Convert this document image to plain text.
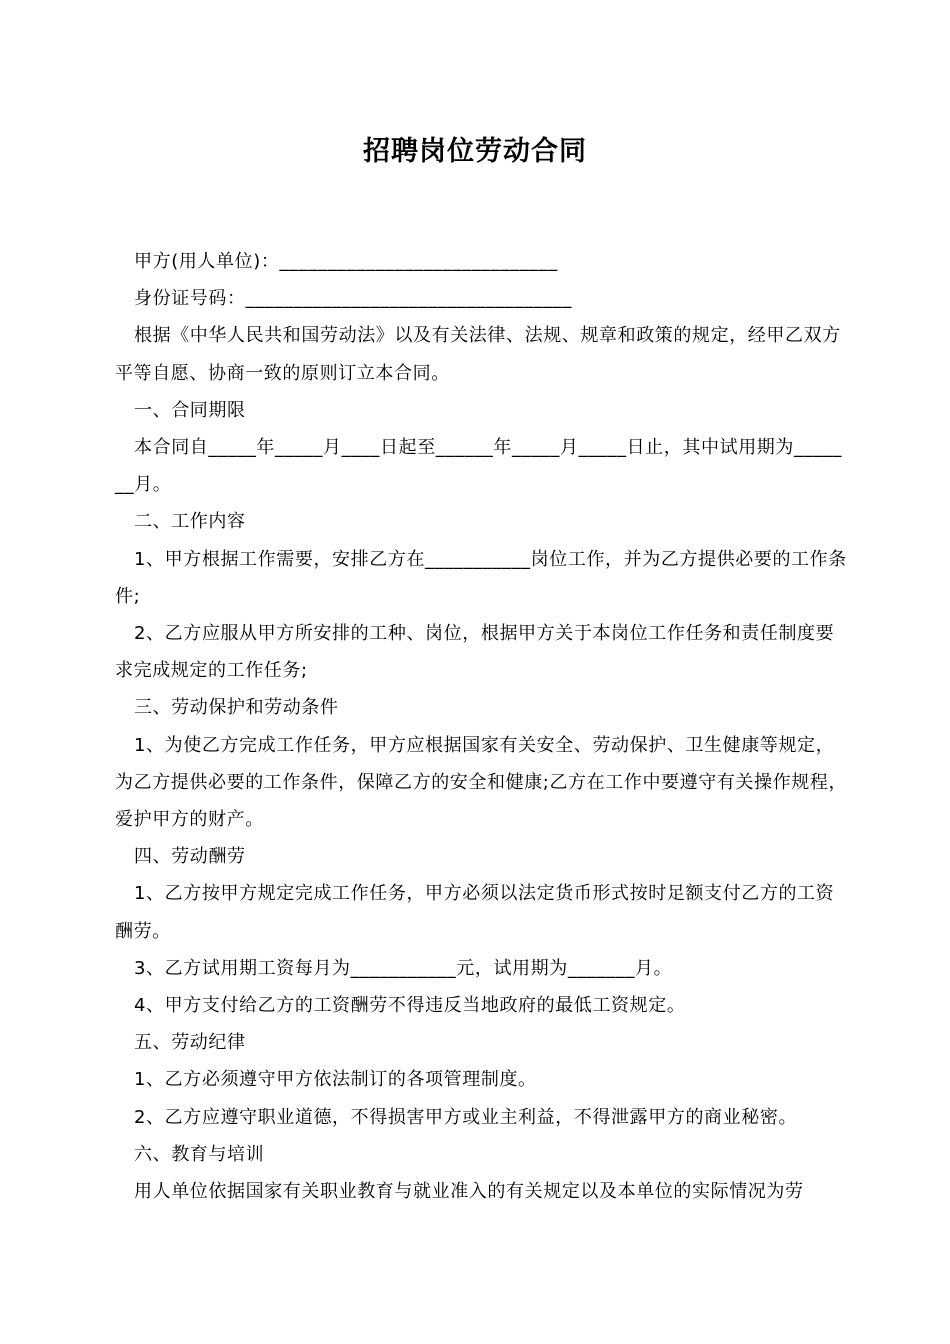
招聘岗位劳动合同

甲方(用人单位)：_____________________________

身份证号码：__________________________________

根据《中华人民共和国劳动法》以及有关法律、法规、规章和政策的规定，经甲乙双方平等自愿、协商一致的原则订立本合同。

一、合同期限

本合同自_____年_____月____日起至______年_____月_____日止，其中试用期为_______月。

二、工作内容

1、甲方根据工作需要，安排乙方在___________岗位工作，并为乙方提供必要的工作条件;

2、乙方应服从甲方所安排的工种、岗位，根据甲方关于本岗位工作任务和责任制度要求完成规定的工作任务;

三、劳动保护和劳动条件

1、为使乙方完成工作任务，甲方应根据国家有关安全、劳动保护、卫生健康等规定，为乙方提供必要的工作条件，保障乙方的安全和健康;乙方在工作中要遵守有关操作规程，爱护甲方的财产。

四、劳动酬劳

1、乙方按甲方规定完成工作任务，甲方必须以法定货币形式按时足额支付乙方的工资酬劳。

3、乙方试用期工资每月为___________元，试用期为_______月。

4、甲方支付给乙方的工资酬劳不得违反当地政府的最低工资规定。

五、劳动纪律

1、乙方必须遵守甲方依法制订的各项管理制度。

2、乙方应遵守职业道德，不得损害甲方或业主利益，不得泄露甲方的商业秘密。

六、教育与培训

用人单位依据国家有关职业教育与就业准入的有关规定以及本单位的实际情况为劳
